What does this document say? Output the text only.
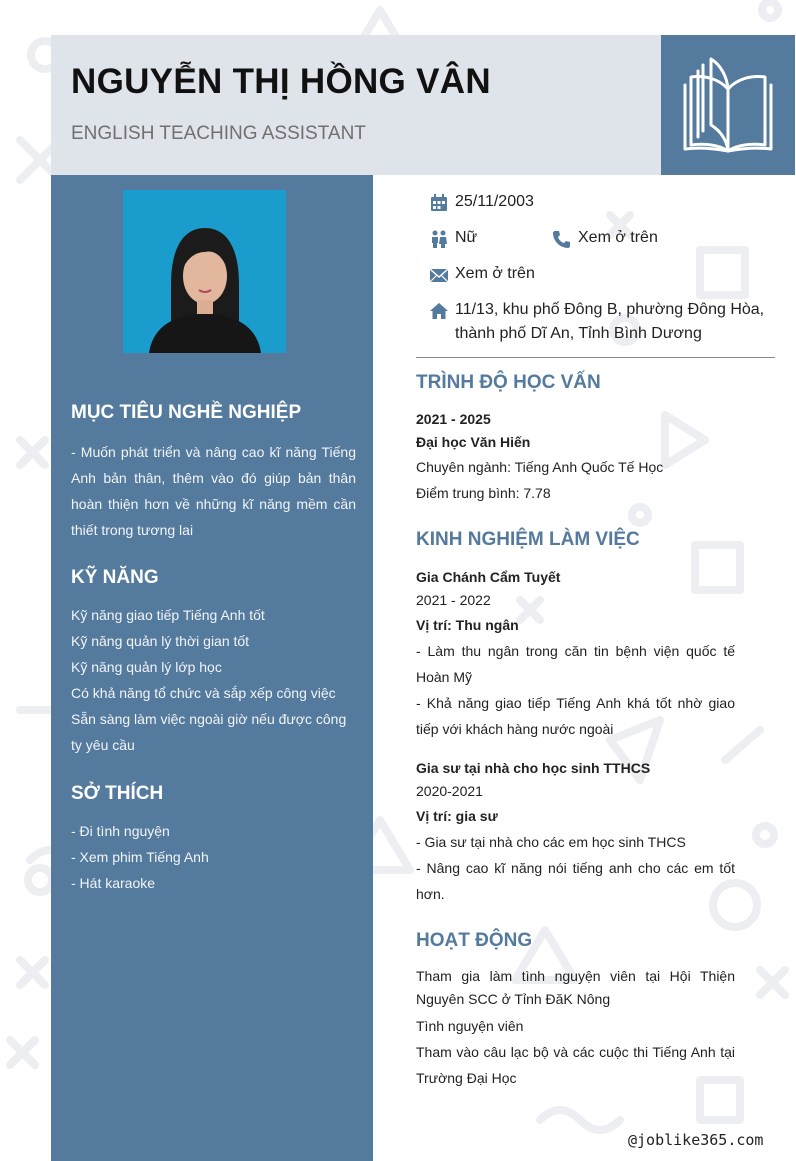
NGUYỄN THỊ HỒNG VÂN
ENGLISH TEACHING ASSISTANT
MỤC TIÊU NGHỀ NGHIỆP
- Muốn phát triển và nâng cao kĩ năng Tiếng Anh bản thân, thêm vào đó giúp bản thân hoàn thiện hơn về những kĩ năng mềm cần thiết trong tương lai
KỸ NĂNG
Kỹ năng giao tiếp Tiếng Anh tốt
Kỹ năng quản lý thời gian tốt
Kỹ năng quản lý lớp học
Có khả năng tổ chức và sắp xếp công việc
Sẵn sàng làm việc ngoài giờ nếu được công ty yêu cầu
SỞ THÍCH
- Đi tình nguyện
- Xem phim Tiếng Anh
- Hát karaoke
25/11/2003
Nữ	Xem ở trên
Xem ở trên
11/13, khu phố Đông B, phường Đông Hòa,
thành phố Dĩ An, Tỉnh Bình Dương
TRÌNH ĐỘ HỌC VẤN
2021 - 2025
Đại học Văn Hiến
Chuyên ngành: Tiếng Anh Quốc Tế Học
Điểm trung bình: 7.78
KINH NGHIỆM LÀM VIỆC
Gia Chánh Cẩm Tuyết
2021 - 2022
Vị trí: Thu ngân
- Làm thu ngân trong căn tin bệnh viện quốc tế Hoàn Mỹ
- Khả năng giao tiếp Tiếng Anh khá tốt nhờ giao tiếp với khách hàng nước ngoài
Gia sư tại nhà cho học sinh TTHCS
2020-2021
Vị trí: gia sư
- Gia sư tại nhà cho các em học sinh THCS
- Nâng cao kĩ năng nói tiếng anh cho các em tốt hơn.
HOẠT ĐỘNG
Tham gia làm tình nguyện viên tại Hội Thiện Nguyên SCC ở Tỉnh ĐăK Nông
Tình nguyện viên
Tham vào câu lạc bộ và các cuộc thi Tiếng Anh tại Trường Đại Học
@joblike365.com
